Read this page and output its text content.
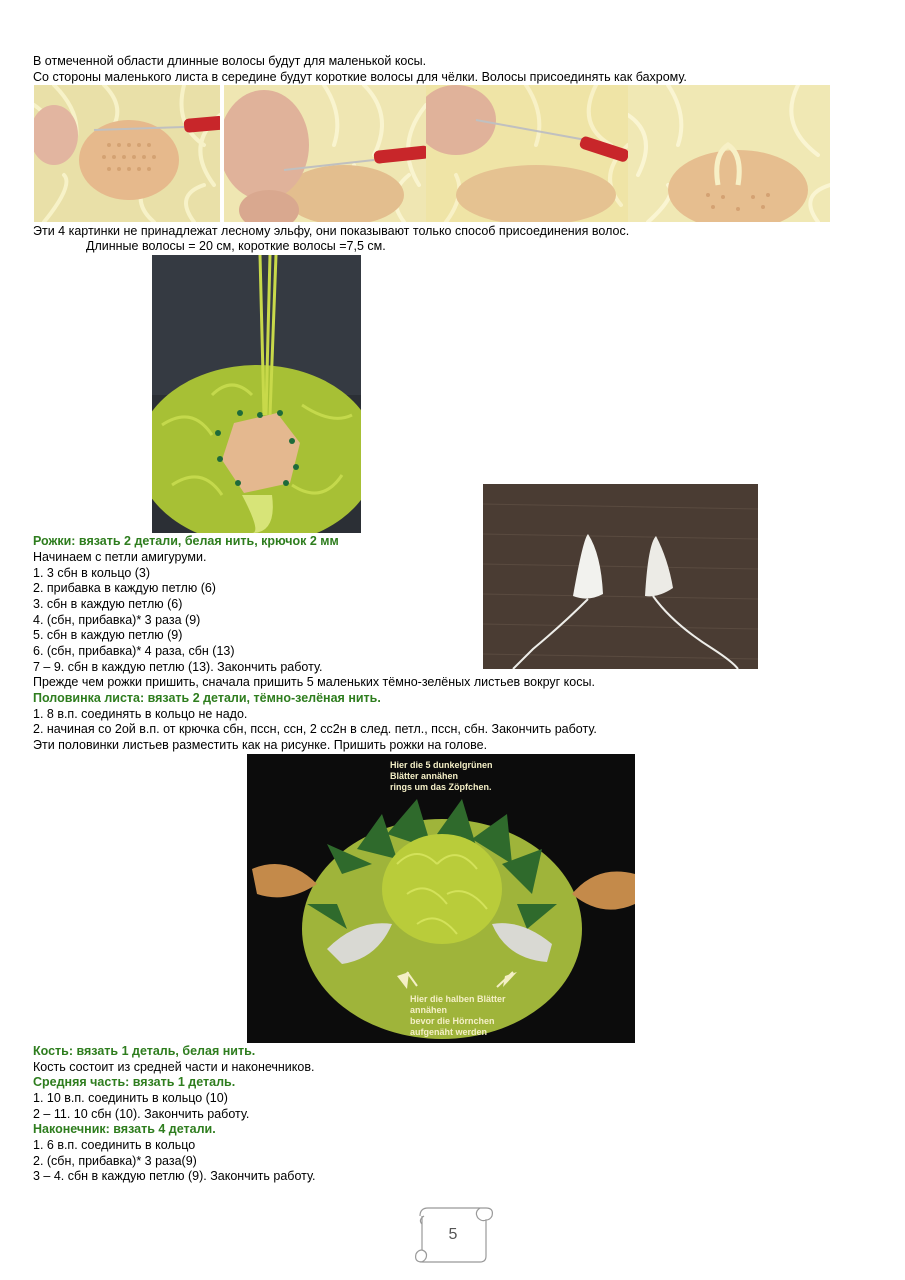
В отмеченной области длинные волосы будут для маленькой косы.
Со стороны маленького листа в середине будут короткие волосы для чёлки. Волосы присоединять как бахрому.
Эти 4 картинки не принадлежат лесному эльфу, они показывают только способ присоединения волос.
Длинные волосы = 20 см, короткие волосы =7,5 см.
Рожки: вязать 2 детали, белая нить, крючок 2 мм
Начинаем с петли амигуруми.
1. 3 сбн в кольцо (3)
2. прибавка в каждую петлю (6)
3. сбн в каждую петлю (6)
4. (сбн, прибавка)* 3 раза (9)
5. сбн в каждую петлю (9)
6. (сбн, прибавка)* 4 раза, сбн (13)
7 – 9. сбн в каждую петлю (13). Закончить работу.
Прежде чем рожки пришить, сначала пришить 5 маленьких тёмно-зелёных листьев вокруг косы.
Половинка листа: вязать 2 детали, тёмно-зелёная нить.
1. 8 в.п. соединять в кольцо не надо.
2. начиная со 2ой в.п. от крючка сбн, пссн, ссн, 2 сс2н в след. петл., пссн, сбн. Закончить работу.
Эти половинки листьев разместить как на рисунке. Пришить рожки на голове.
Hier die 5 dunkelgrünen
Blätter annähen
rings um das Zöpfchen.
Hier die halben Blätter
annähen
bevor die Hörnchen
aufgenäht werden
Кость: вязать 1 деталь, белая нить.
Кость состоит из средней части и наконечников.
Средняя часть: вязать 1 деталь.
1. 10 в.п. соединить в кольцо (10)
2 – 11. 10 сбн (10). Закончить работу.
Наконечник: вязать 4 детали.
1. 6 в.п. соединить в кольцо
2. (сбн, прибавка)* 3 раза(9)
3 – 4. сбн в каждую петлю (9). Закончить работу.
5
